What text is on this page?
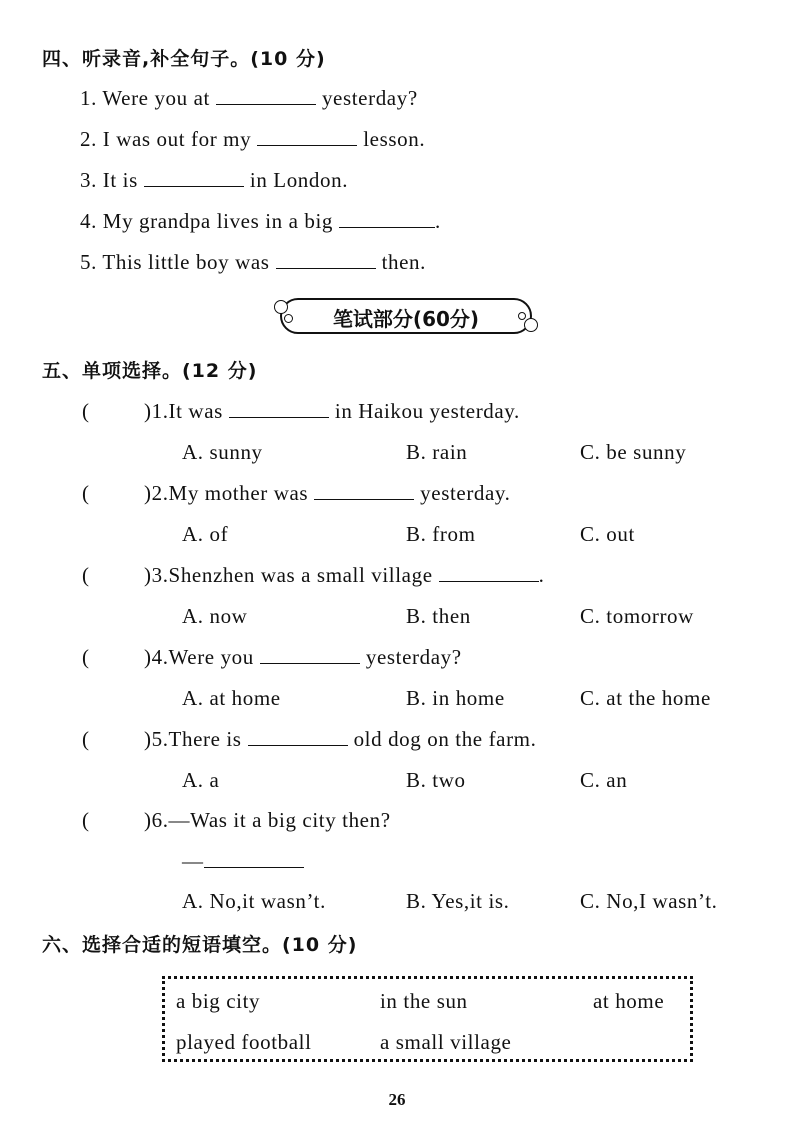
四、听录音,补全句子。(10 分)
1. Were you at	yesterday?
2. I was out for my	lesson.
3. It is	in London.
4. My grandpa lives in a big	.
5. This little boy was	then.
笔试部分(60分)
五、单项选择。(12 分)
(	)1.It was	in Haikou yesterday.
A. sunny	B. rain	C. be sunny
(	)2.My mother was	yesterday.
A. of	B. from	C. out
(	)3.Shenzhen was a small village	.
A. now	B. then	C. tomorrow
(	)4.Were you	yesterday?
A. at home	B. in home	C. at the home
(	)5.There is	old dog on the farm.
A. a	B. two	C. an
(	)6.—Was it a big city then?
—
A. No,it wasn’t.	B. Yes,it is.	C. No,I wasn’t.
六、选择合适的短语填空。(10 分)
a big city	in the sun	at home
played football	a small village
26
